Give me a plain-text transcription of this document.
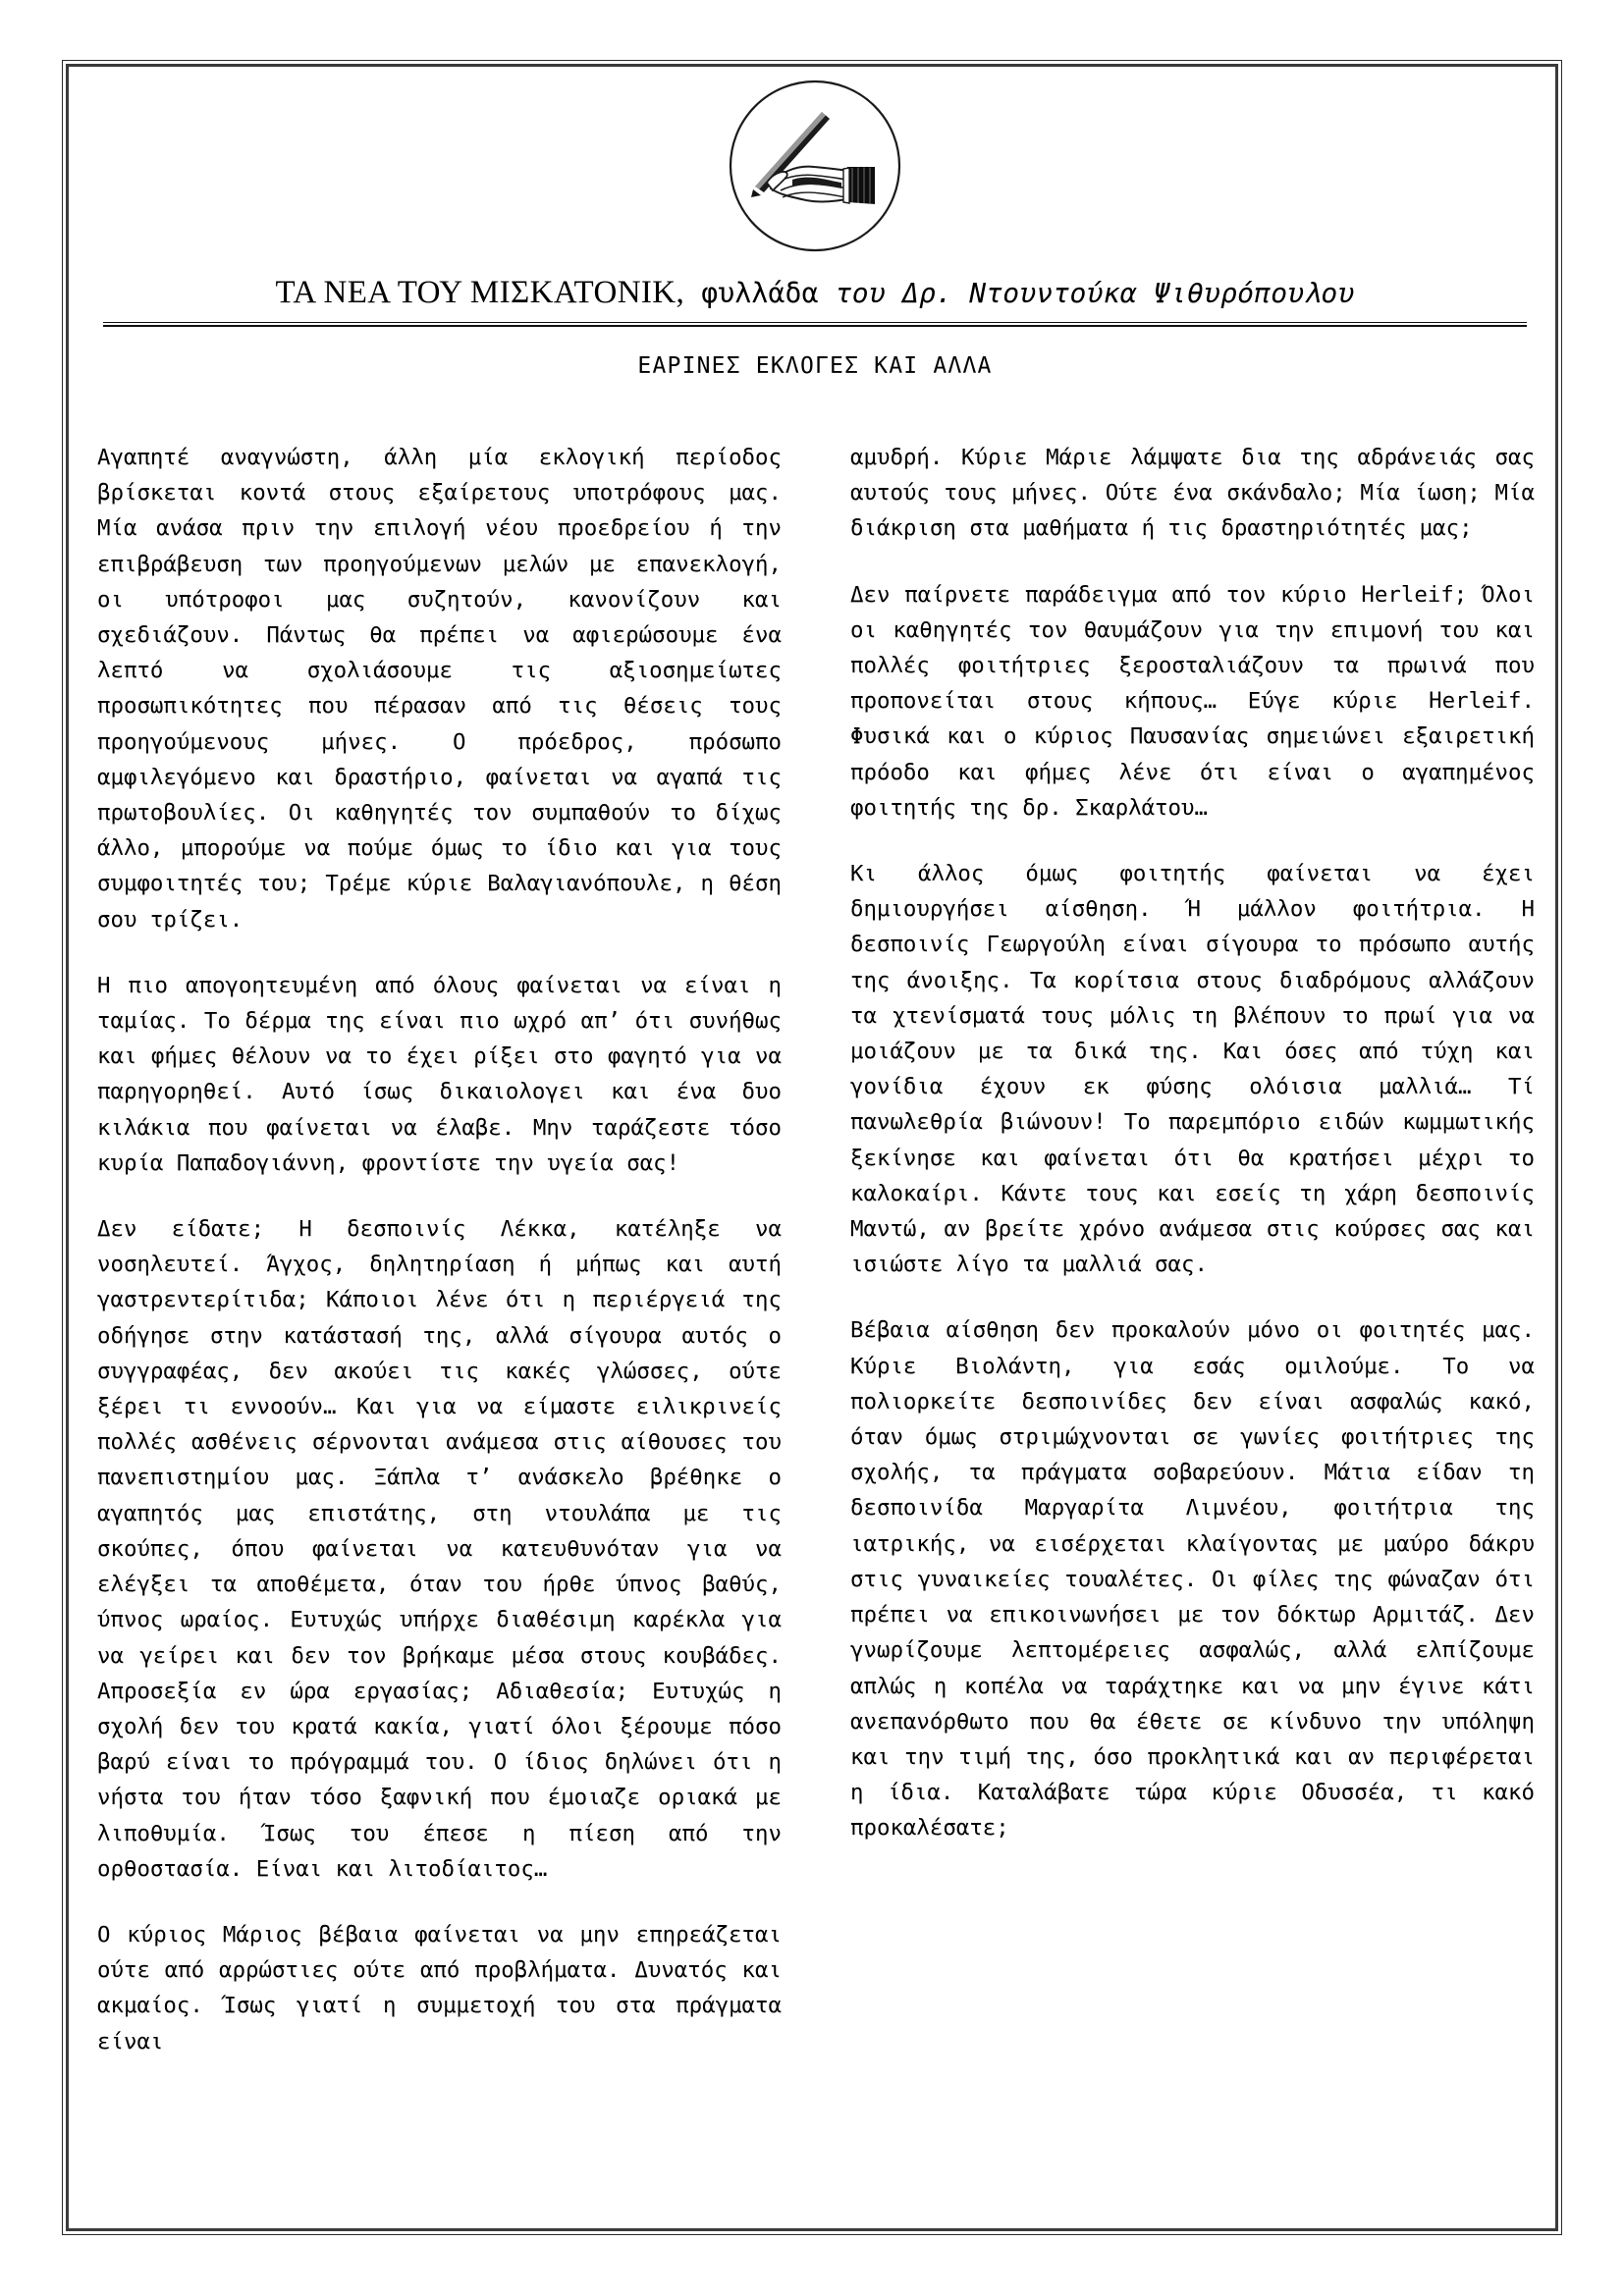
ΤΑ ΝΕΑ ΤΟΥ ΜΙΣΚΑΤΟΝΙΚ, φυλλάδα του Δρ. Ντουντούκα Ψιθυρόπουλου
ΕΑΡΙΝΕΣ ΕΚΛΟΓΕΣ ΚΑΙ ΑΛΛΑ

Αγαπητέ αναγνώστη, άλλη μία εκλογική περίοδος βρίσκεται κοντά στους εξαίρετους υποτρόφους μας. Μία ανάσα πριν την επιλογή νέου προεδρείου ή την επιβράβευση των προηγούμενων μελών με επανεκλογή, οι υπότροφοι μας συζητούν, κανονίζουν και σχεδιάζουν. Πάντως θα πρέπει να αφιερώσουμε ένα λεπτό να σχολιάσουμε τις αξιοσημείωτες προσωπικότητες που πέρασαν από τις θέσεις τους προηγούμενους μήνες. Ο πρόεδρος, πρόσωπο αμφιλεγόμενο και δραστήριο, φαίνεται να αγαπά τις πρωτοβουλίες. Οι καθηγητές τον συμπαθούν το δίχως άλλο, μπορούμε να πούμε όμως το ίδιο και για τους συμφοιτητές του; Τρέμε κύριε Βαλαγιανόπουλε, η θέση σου τρίζει.

Η πιο απογοητευμένη από όλους φαίνεται να είναι η ταμίας. Το δέρμα της είναι πιο ωχρό απ’ ότι συνήθως και φήμες θέλουν να το έχει ρίξει στο φαγητό για να παρηγορηθεί. Αυτό ίσως δικαιολογει και ένα δυο κιλάκια που φαίνεται να έλαβε. Μην ταράζεστε τόσο κυρία Παπαδογιάννη, φροντίστε την υγεία σας!

Δεν είδατε; Η δεσποινίς Λέκκα, κατέληξε να νοσηλευτεί. Άγχος, δηλητηρίαση ή μήπως και αυτή γαστρεντερίτιδα; Κάποιοι λένε ότι η περιέργειά της οδήγησε στην κατάστασή της, αλλά σίγουρα αυτός ο συγγραφέας, δεν ακούει τις κακές γλώσσες, ούτε ξέρει τι εννοούν… Και για να είμαστε ειλικρινείς πολλές ασθένεις σέρνονται ανάμεσα στις αίθουσες του πανεπιστημίου μας. Ξάπλα τ’ ανάσκελο βρέθηκε ο αγαπητός μας επιστάτης, στη ντουλάπα με τις σκούπες, όπου φαίνεται να κατευθυνόταν για να ελέγξει τα αποθέμετα, όταν του ήρθε ύπνος βαθύς, ύπνος ωραίος. Ευτυχώς υπήρχε διαθέσιμη καρέκλα για να γείρει και δεν τον βρήκαμε μέσα στους κουβάδες. Απροσεξία εν ώρα εργασίας; Αδιαθεσία; Ευτυχώς η σχολή δεν του κρατά κακία, γιατί όλοι ξέρουμε πόσο βαρύ είναι το πρόγραμμά του. Ο ίδιος δηλώνει ότι η νήστα του ήταν τόσο ξαφνική που έμοιαζε οριακά με λιποθυμία. Ίσως του έπεσε η πίεση από την ορθοστασία. Είναι και λιτοδίαιτος…

Ο κύριος Μάριος βέβαια φαίνεται να μην επηρεάζεται ούτε από αρρώστιες ούτε από προβλήματα. Δυνατός και ακμαίος. Ίσως γιατί η συμμετοχή του στα πράγματα είναι

αμυδρή. Κύριε Μάριε λάμψατε δια της αδράνειάς σας αυτούς τους μήνες. Ούτε ένα σκάνδαλο; Μία ίωση; Μία διάκριση στα μαθήματα ή τις δραστηριότητές μας;

Δεν παίρνετε παράδειγμα από τον κύριο Herleif; Όλοι οι καθηγητές τον θαυμάζουν για την επιμονή του και πολλές φοιτήτριες ξεροσταλιάζουν τα πρωινά που προπονείται στους κήπους… Εύγε κύριε Herleif. Φυσικά και ο κύριος Παυσανίας σημειώνει εξαιρετική πρόοδο και φήμες λένε ότι είναι ο αγαπημένος φοιτητής της δρ. Σκαρλάτου…

Κι άλλος όμως φοιτητής φαίνεται να έχει δημιουργήσει αίσθηση. Ή μάλλον φοιτήτρια. Η δεσποινίς Γεωργούλη είναι σίγουρα το πρόσωπο αυτής της άνοιξης. Τα κορίτσια στους διαδρόμους αλλάζουν τα χτενίσματά τους μόλις τη βλέπουν το πρωί για να μοιάζουν με τα δικά της. Και όσες από τύχη και γονίδια έχουν εκ φύσης ολόισια μαλλιά… Τί πανωλεθρία βιώνουν! Το παρεμπόριο ειδών κωμμωτικής ξεκίνησε και φαίνεται ότι θα κρατήσει μέχρι το καλοκαίρι. Κάντε τους και εσείς τη χάρη δεσποινίς Μαντώ, αν βρείτε χρόνο ανάμεσα στις κούρσες σας και ισιώστε λίγο τα μαλλιά σας.

Βέβαια αίσθηση δεν προκαλούν μόνο οι φοιτητές μας. Κύριε Βιολάντη, για εσάς ομιλούμε. Το να πολιορκείτε δεσποινίδες δεν είναι ασφαλώς κακό, όταν όμως στριμώχνονται σε γωνίες φοιτήτριες της σχολής, τα πράγματα σοβαρεύουν. Μάτια είδαν τη δεσποινίδα Μαργαρίτα Λιμνέου, φοιτήτρια της ιατρικής, να εισέρχεται κλαίγοντας με μαύρο δάκρυ στις γυναικείες τουαλέτες. Οι φίλες της φώναζαν ότι πρέπει να επικοινωνήσει με τον δόκτωρ Αρμιτάζ. Δεν γνωρίζουμε λεπτομέρειες ασφαλώς, αλλά ελπίζουμε απλώς η κοπέλα να ταράχτηκε και να μην έγινε κάτι ανεπανόρθωτο που θα έθετε σε κίνδυνο την υπόληψη και την τιμή της, όσο προκλητικά και αν περιφέρεται η ίδια. Καταλάβατε τώρα κύριε Οδυσσέα, τι κακό προκαλέσατε;
